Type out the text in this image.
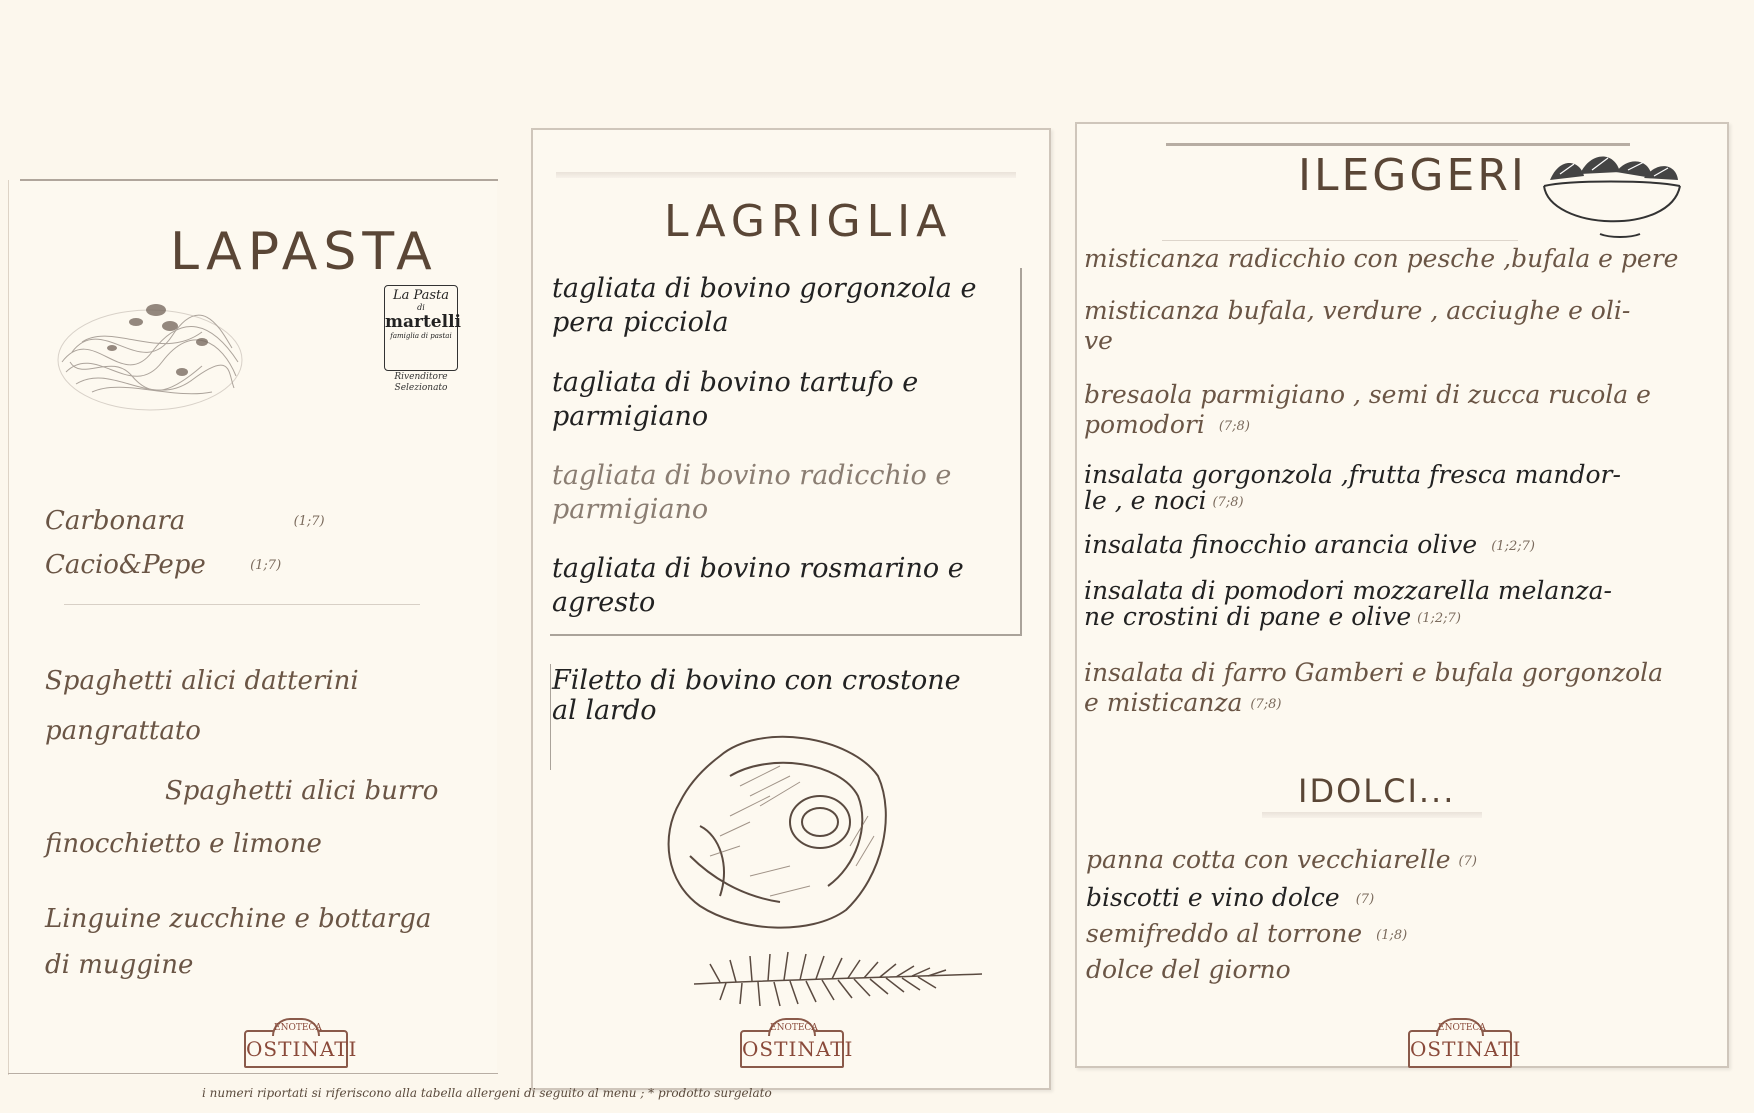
LAPASTA
La Pasta
di
martelli
famiglia di pastai
Rivenditore
Selezionato
Carbonara	(1;7)
Cacio&Pepe	(1;7)
Spaghetti alici datterini
pangrattato
Spaghetti alici burro
finocchietto e limone
Linguine zucchine e bottarga
di muggine
ENOTECA
OSTINATI
LAGRIGLIA
tagliata di bovino gorgonzola e
pera picciola
tagliata di bovino tartufo e
parmigiano
tagliata di bovino radicchio e
parmigiano
tagliata di bovino rosmarino e
agresto
Filetto di bovino con crostone
al lardo
ENOTECA
OSTINATI
ILEGGERI
misticanza radicchio con pesche ,bufala e pere
misticanza bufala, verdure , acciughe e oli-
ve
bresaola parmigiano , semi di zucca rucola e
pomodori (7;8)
insalata gorgonzola ,frutta fresca mandor-
le , e noci (7;8)
insalata finocchio arancia olive (1;2;7)
insalata di pomodori mozzarella melanza-
ne crostini di pane e olive (1;2;7)
insalata di farro Gamberi e bufala gorgonzola
e misticanza (7;8)
IDOLCI...
panna cotta con vecchiarelle (7)
biscotti e vino dolce (7)
semifreddo al torrone (1;8)
dolce del giorno
ENOTECA
OSTINATI
i numeri riportati si riferiscono alla tabella allergeni di seguito al menu ; * prodotto surgelato
